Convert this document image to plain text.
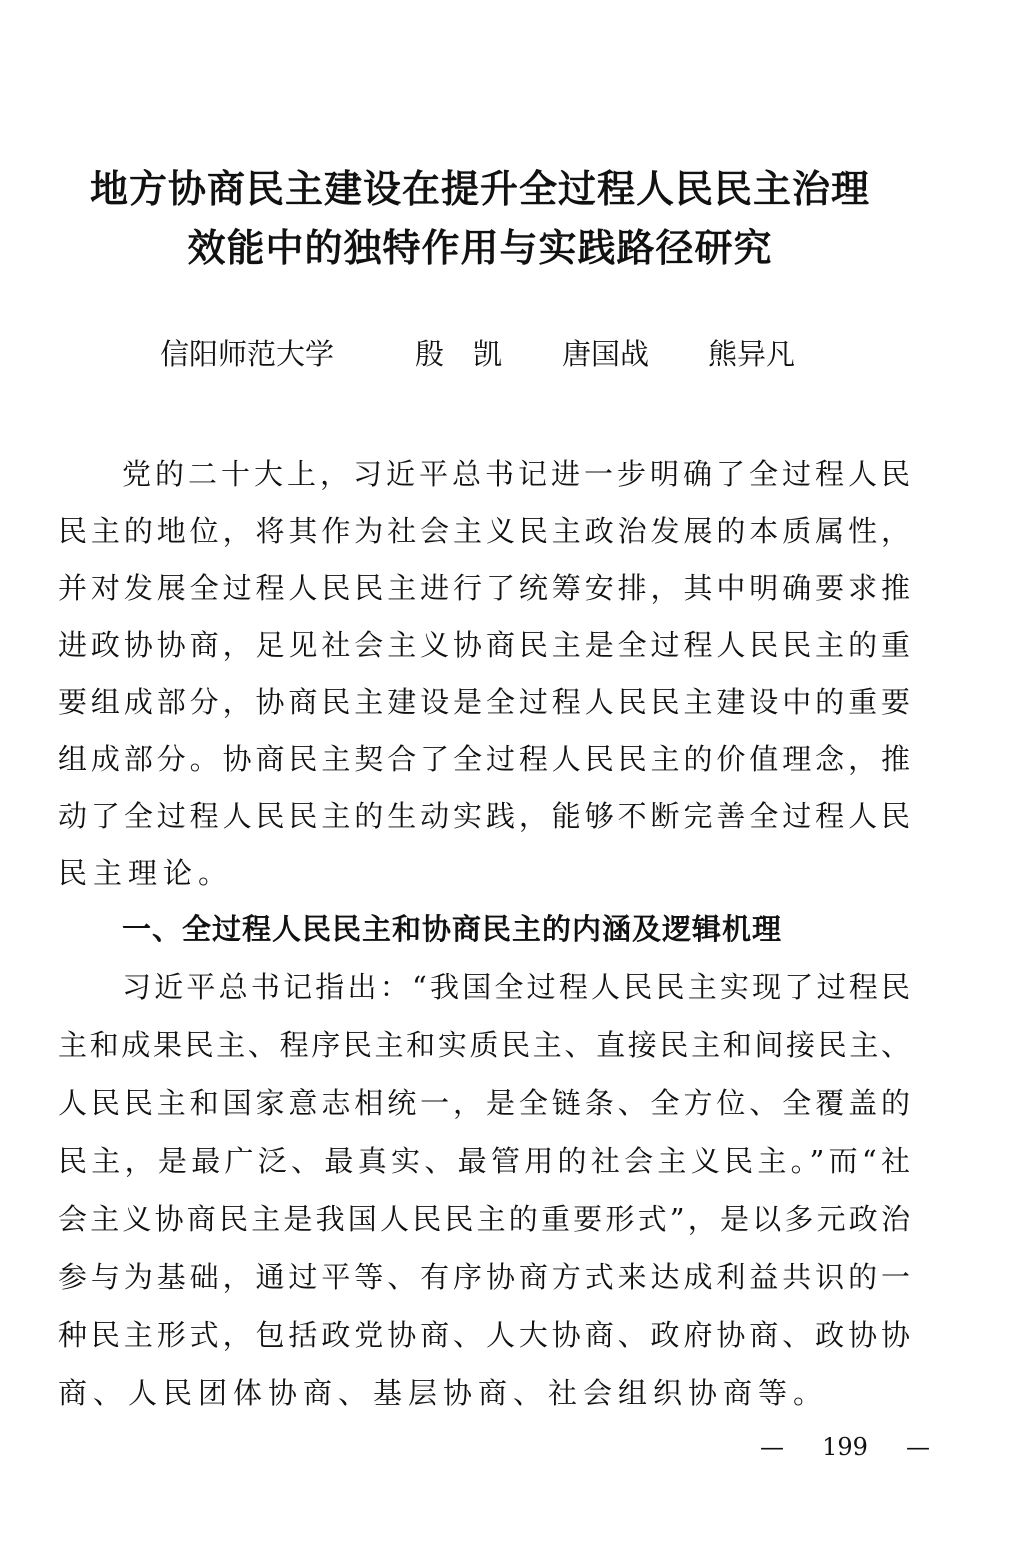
地方协商民主建设在提升全过程人民民主治理
效能中的独特作用与实践路径研究
信阳师范大学	殷　凯 唐国战 熊异凡
党的二十大上，习近平总书记进一步明确了全过程人民
民主的地位，将其作为社会主义民主政治发展的本质属性，
并对发展全过程人民民主进行了统筹安排，其中明确要求推
进政协协商，足见社会主义协商民主是全过程人民民主的重
要组成部分，协商民主建设是全过程人民民主建设中的重要
组成部分。协商民主契合了全过程人民民主的价值理念，推
动了全过程人民民主的生动实践，能够不断完善全过程人民
民主理论。
一、全过程人民民主和协商民主的内涵及逻辑机理
习近平总书记指出：“我国全过程人民民主实现了过程民
主和成果民主、程序民主和实质民主、直接民主和间接民主、
人民民主和国家意志相统一，是全链条、全方位、全覆盖的
民主，是最广泛、最真实、最管用的社会主义民主。”而“社
会主义协商民主是我国人民民主的重要形式”，是以多元政治
参与为基础，通过平等、有序协商方式来达成利益共识的一
种民主形式，包括政党协商、人大协商、政府协商、政协协
商、人民团体协商、基层协商、社会组织协商等。
— 199 —
